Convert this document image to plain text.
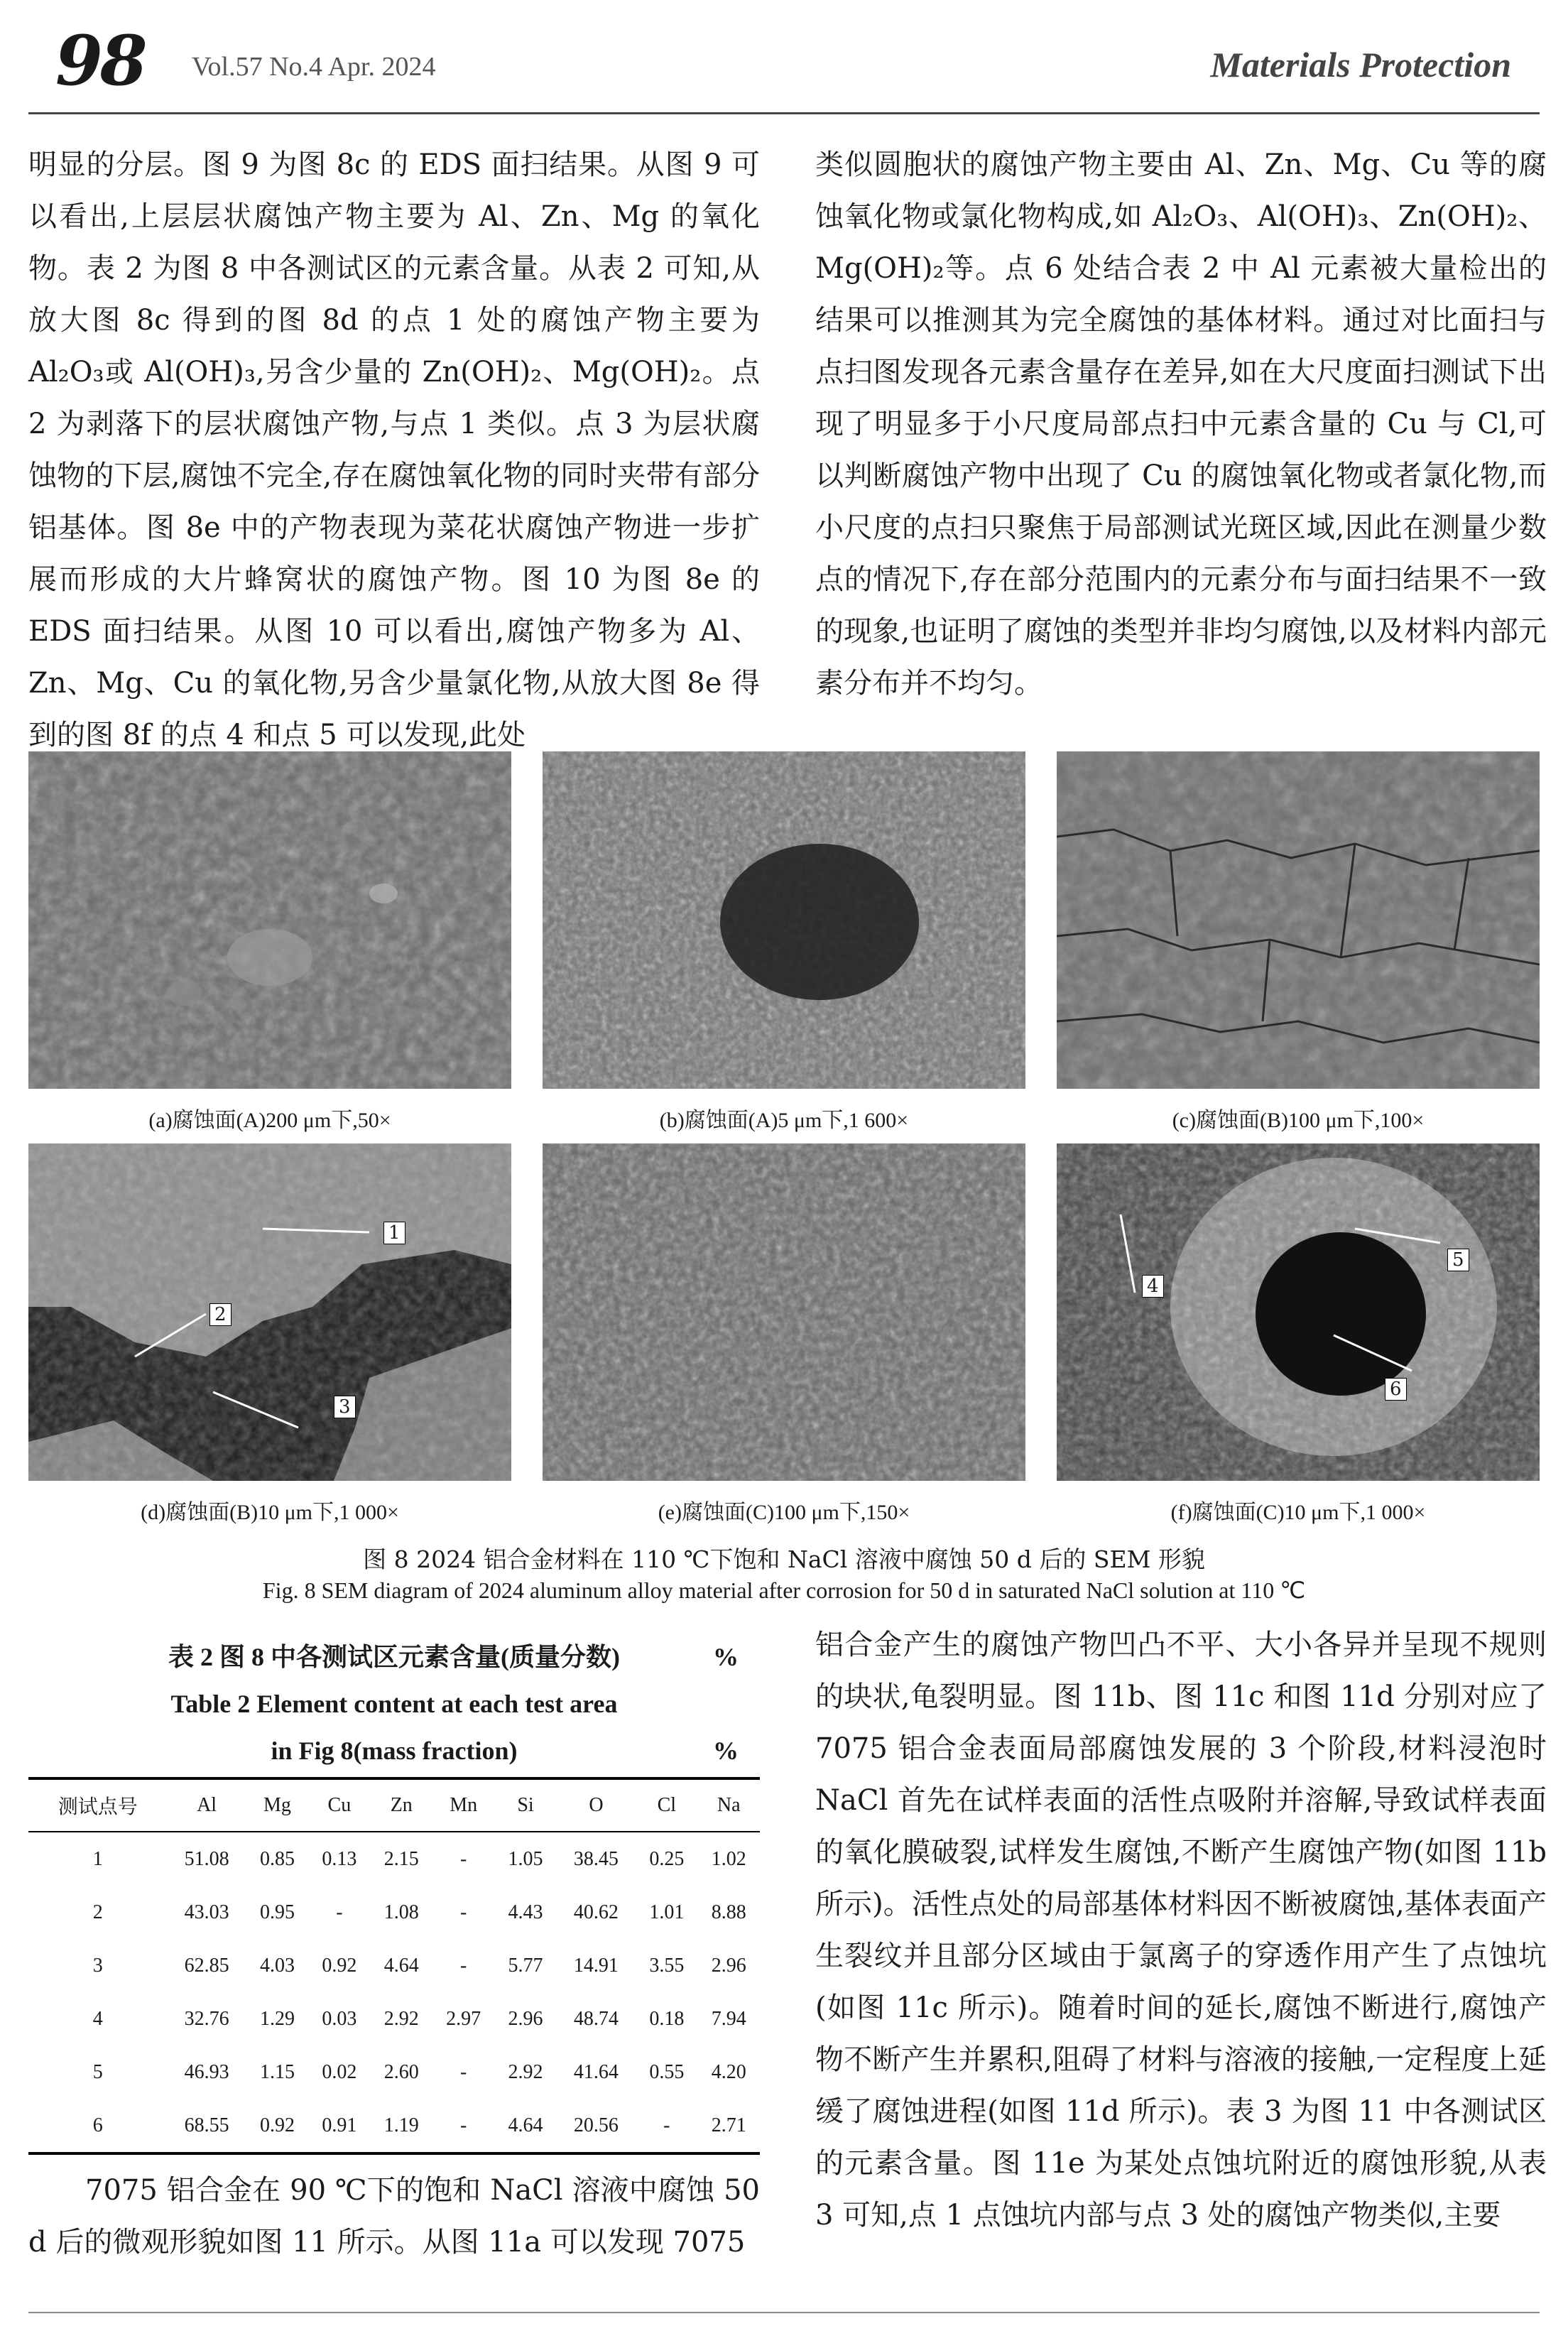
98 Vol.57 No.4 Apr. 2024	Materials Protection

明显的分层。图 9 为图 8c 的 EDS 面扫结果。从图 9 可以看出,上层层状腐蚀产物主要为 Al、Zn、Mg 的氧化物。表 2 为图 8 中各测试区的元素含量。从表 2 可知,从放大图 8c 得到的图 8d 的点 1 处的腐蚀产物主要为 Al₂O₃或 Al(OH)₃,另含少量的 Zn(OH)₂、Mg(OH)₂。点 2 为剥落下的层状腐蚀产物,与点 1 类似。点 3 为层状腐蚀物的下层,腐蚀不完全,存在腐蚀氧化物的同时夹带有部分铝基体。图 8e 中的产物表现为菜花状腐蚀产物进一步扩展而形成的大片蜂窝状的腐蚀产物。图 10 为图 8e 的 EDS 面扫结果。从图 10 可以看出,腐蚀产物多为 Al、Zn、Mg、Cu 的氧化物,另含少量氯化物,从放大图 8e 得到的图 8f 的点 4 和点 5 可以发现,此处

类似圆胞状的腐蚀产物主要由 Al、Zn、Mg、Cu 等的腐蚀氧化物或氯化物构成,如 Al₂O₃、Al(OH)₃、Zn(OH)₂、Mg(OH)₂等。点 6 处结合表 2 中 Al 元素被大量检出的结果可以推测其为完全腐蚀的基体材料。通过对比面扫与点扫图发现各元素含量存在差异,如在大尺度面扫测试下出现了明显多于小尺度局部点扫中元素含量的 Cu 与 Cl,可以判断腐蚀产物中出现了 Cu 的腐蚀氧化物或者氯化物,而小尺度的点扫只聚焦于局部测试光斑区域,因此在测量少数点的情况下,存在部分范围内的元素分布与面扫结果不一致的现象,也证明了腐蚀的类型并非均匀腐蚀,以及材料内部元素分布并不均匀。

(a)腐蚀面(A)200 μm下,50×	(b)腐蚀面(A)5 μm下,1 600×	(c)腐蚀面(B)100 μm下,100×
1
2
3
(d)腐蚀面(B)10 μm下,1 000×	(e)腐蚀面(C)100 μm下,150×
4
5
6
(f)腐蚀面(C)10 μm下,1 000×
图 8 2024 铝合金材料在 110 ℃下饱和 NaCl 溶液中腐蚀 50 d 后的 SEM 形貌
Fig. 8 SEM diagram of 2024 aluminum alloy material after corrosion for 50 d in saturated NaCl solution at 110 ℃
表 2 图 8 中各测试区元素含量(质量分数)	%
Table 2 Element content at each test area
in Fig 8(mass fraction)	%
测试点号	Al	Mg	Cu	Zn	Mn	Si	O	Cl	Na
1	51.08	0.85	0.13	2.15	-	1.05	38.45	0.25	1.02
2	43.03	0.95	-	1.08	-	4.43	40.62	1.01	8.88
3	62.85	4.03	0.92	4.64	-	5.77	14.91	3.55	2.96
4	32.76	1.29	0.03	2.92	2.97	2.96	48.74	0.18	7.94
5	46.93	1.15	0.02	2.60	-	2.92	41.64	0.55	4.20
6	68.55	0.92	0.91	1.19	-	4.64	20.56	-	2.71

7075 铝合金在 90 ℃下的饱和 NaCl 溶液中腐蚀 50 d 后的微观形貌如图 11 所示。从图 11a 可以发现 7075

铝合金产生的腐蚀产物凹凸不平、大小各异并呈现不规则的块状,龟裂明显。图 11b、图 11c 和图 11d 分别对应了 7075 铝合金表面局部腐蚀发展的 3 个阶段,材料浸泡时 NaCl 首先在试样表面的活性点吸附并溶解,导致试样表面的氧化膜破裂,试样发生腐蚀,不断产生腐蚀产物(如图 11b 所示)。活性点处的局部基体材料因不断被腐蚀,基体表面产生裂纹并且部分区域由于氯离子的穿透作用产生了点蚀坑(如图 11c 所示)。随着时间的延长,腐蚀不断进行,腐蚀产物不断产生并累积,阻碍了材料与溶液的接触,一定程度上延缓了腐蚀进程(如图 11d 所示)。表 3 为图 11 中各测试区的元素含量。图 11e 为某处点蚀坑附近的腐蚀形貌,从表 3 可知,点 1 点蚀坑内部与点 3 处的腐蚀产物类似,主要
